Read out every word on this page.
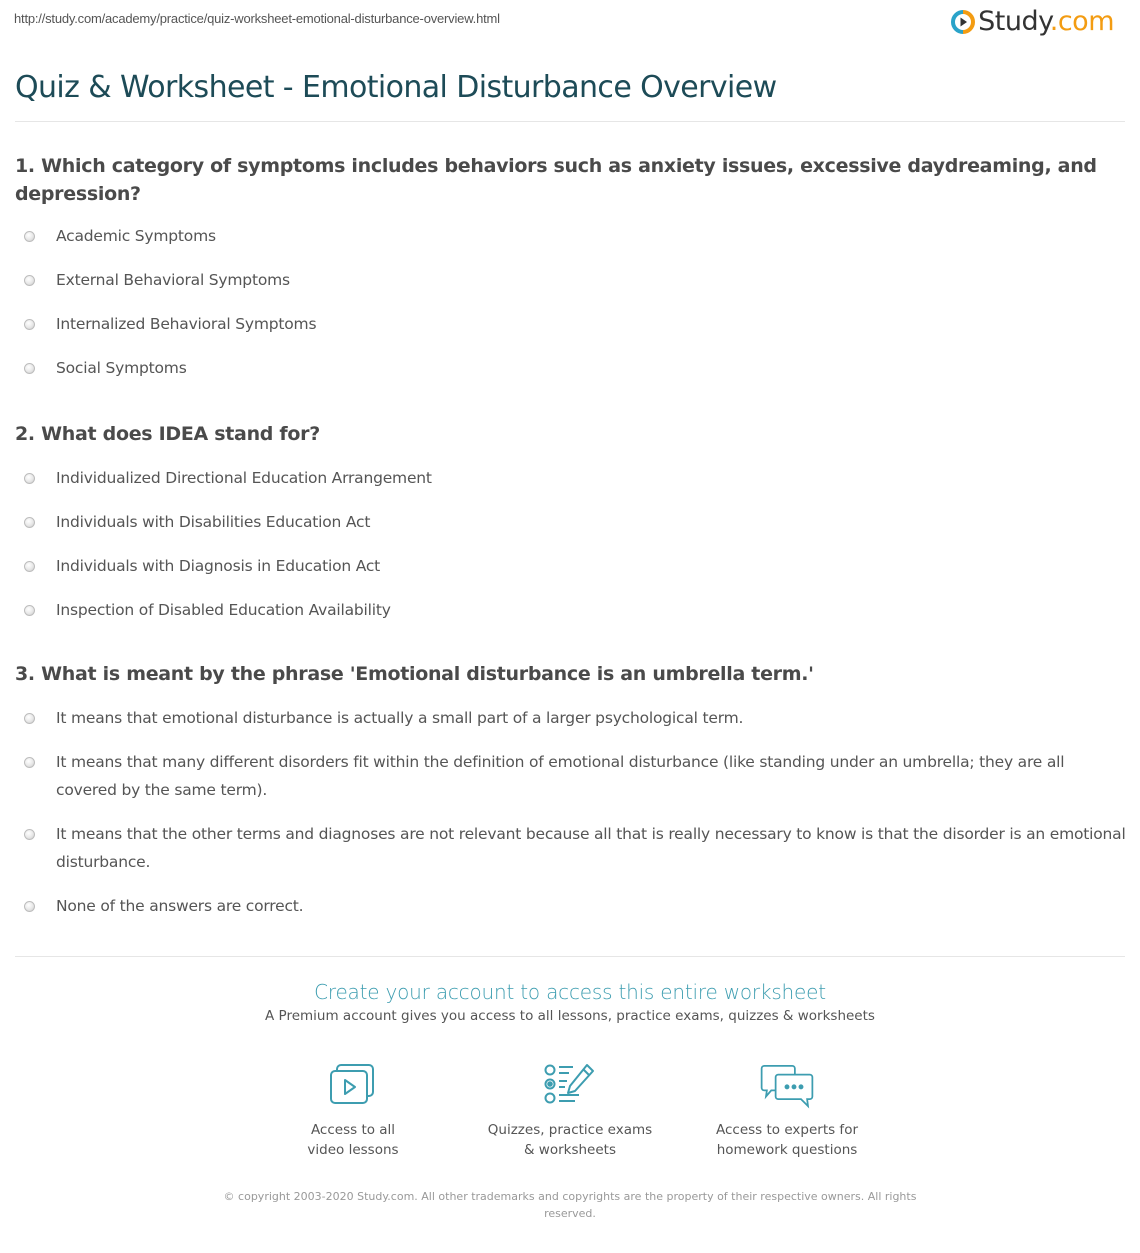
http://study.com/academy/practice/quiz-worksheet-emotional-disturbance-overview.html	Study.com
Quiz & Worksheet - Emotional Disturbance Overview
1. Which category of symptoms includes behaviors such as anxiety issues, excessive daydreaming, and depression?
Academic Symptoms
External Behavioral Symptoms
Internalized Behavioral Symptoms
Social Symptoms
2. What does IDEA stand for?
Individualized Directional Education Arrangement
Individuals with Disabilities Education Act
Individuals with Diagnosis in Education Act
Inspection of Disabled Education Availability
3. What is meant by the phrase 'Emotional disturbance is an umbrella term.'
It means that emotional disturbance is actually a small part of a larger psychological term.
It means that many different disorders fit within the definition of emotional disturbance (like standing under an umbrella; they are all covered by the same term).
It means that the other terms and diagnoses are not relevant because all that is really necessary to know is that the disorder is an emotional disturbance.
None of the answers are correct.
Create your account to access this entire worksheet
A Premium account gives you access to all lessons, practice exams, quizzes & worksheets
Access to all
video lessons
Quizzes, practice exams
& worksheets
Access to experts for
homework questions
© copyright 2003-2020 Study.com. All other trademarks and copyrights are the property of their respective owners. All rights reserved.
